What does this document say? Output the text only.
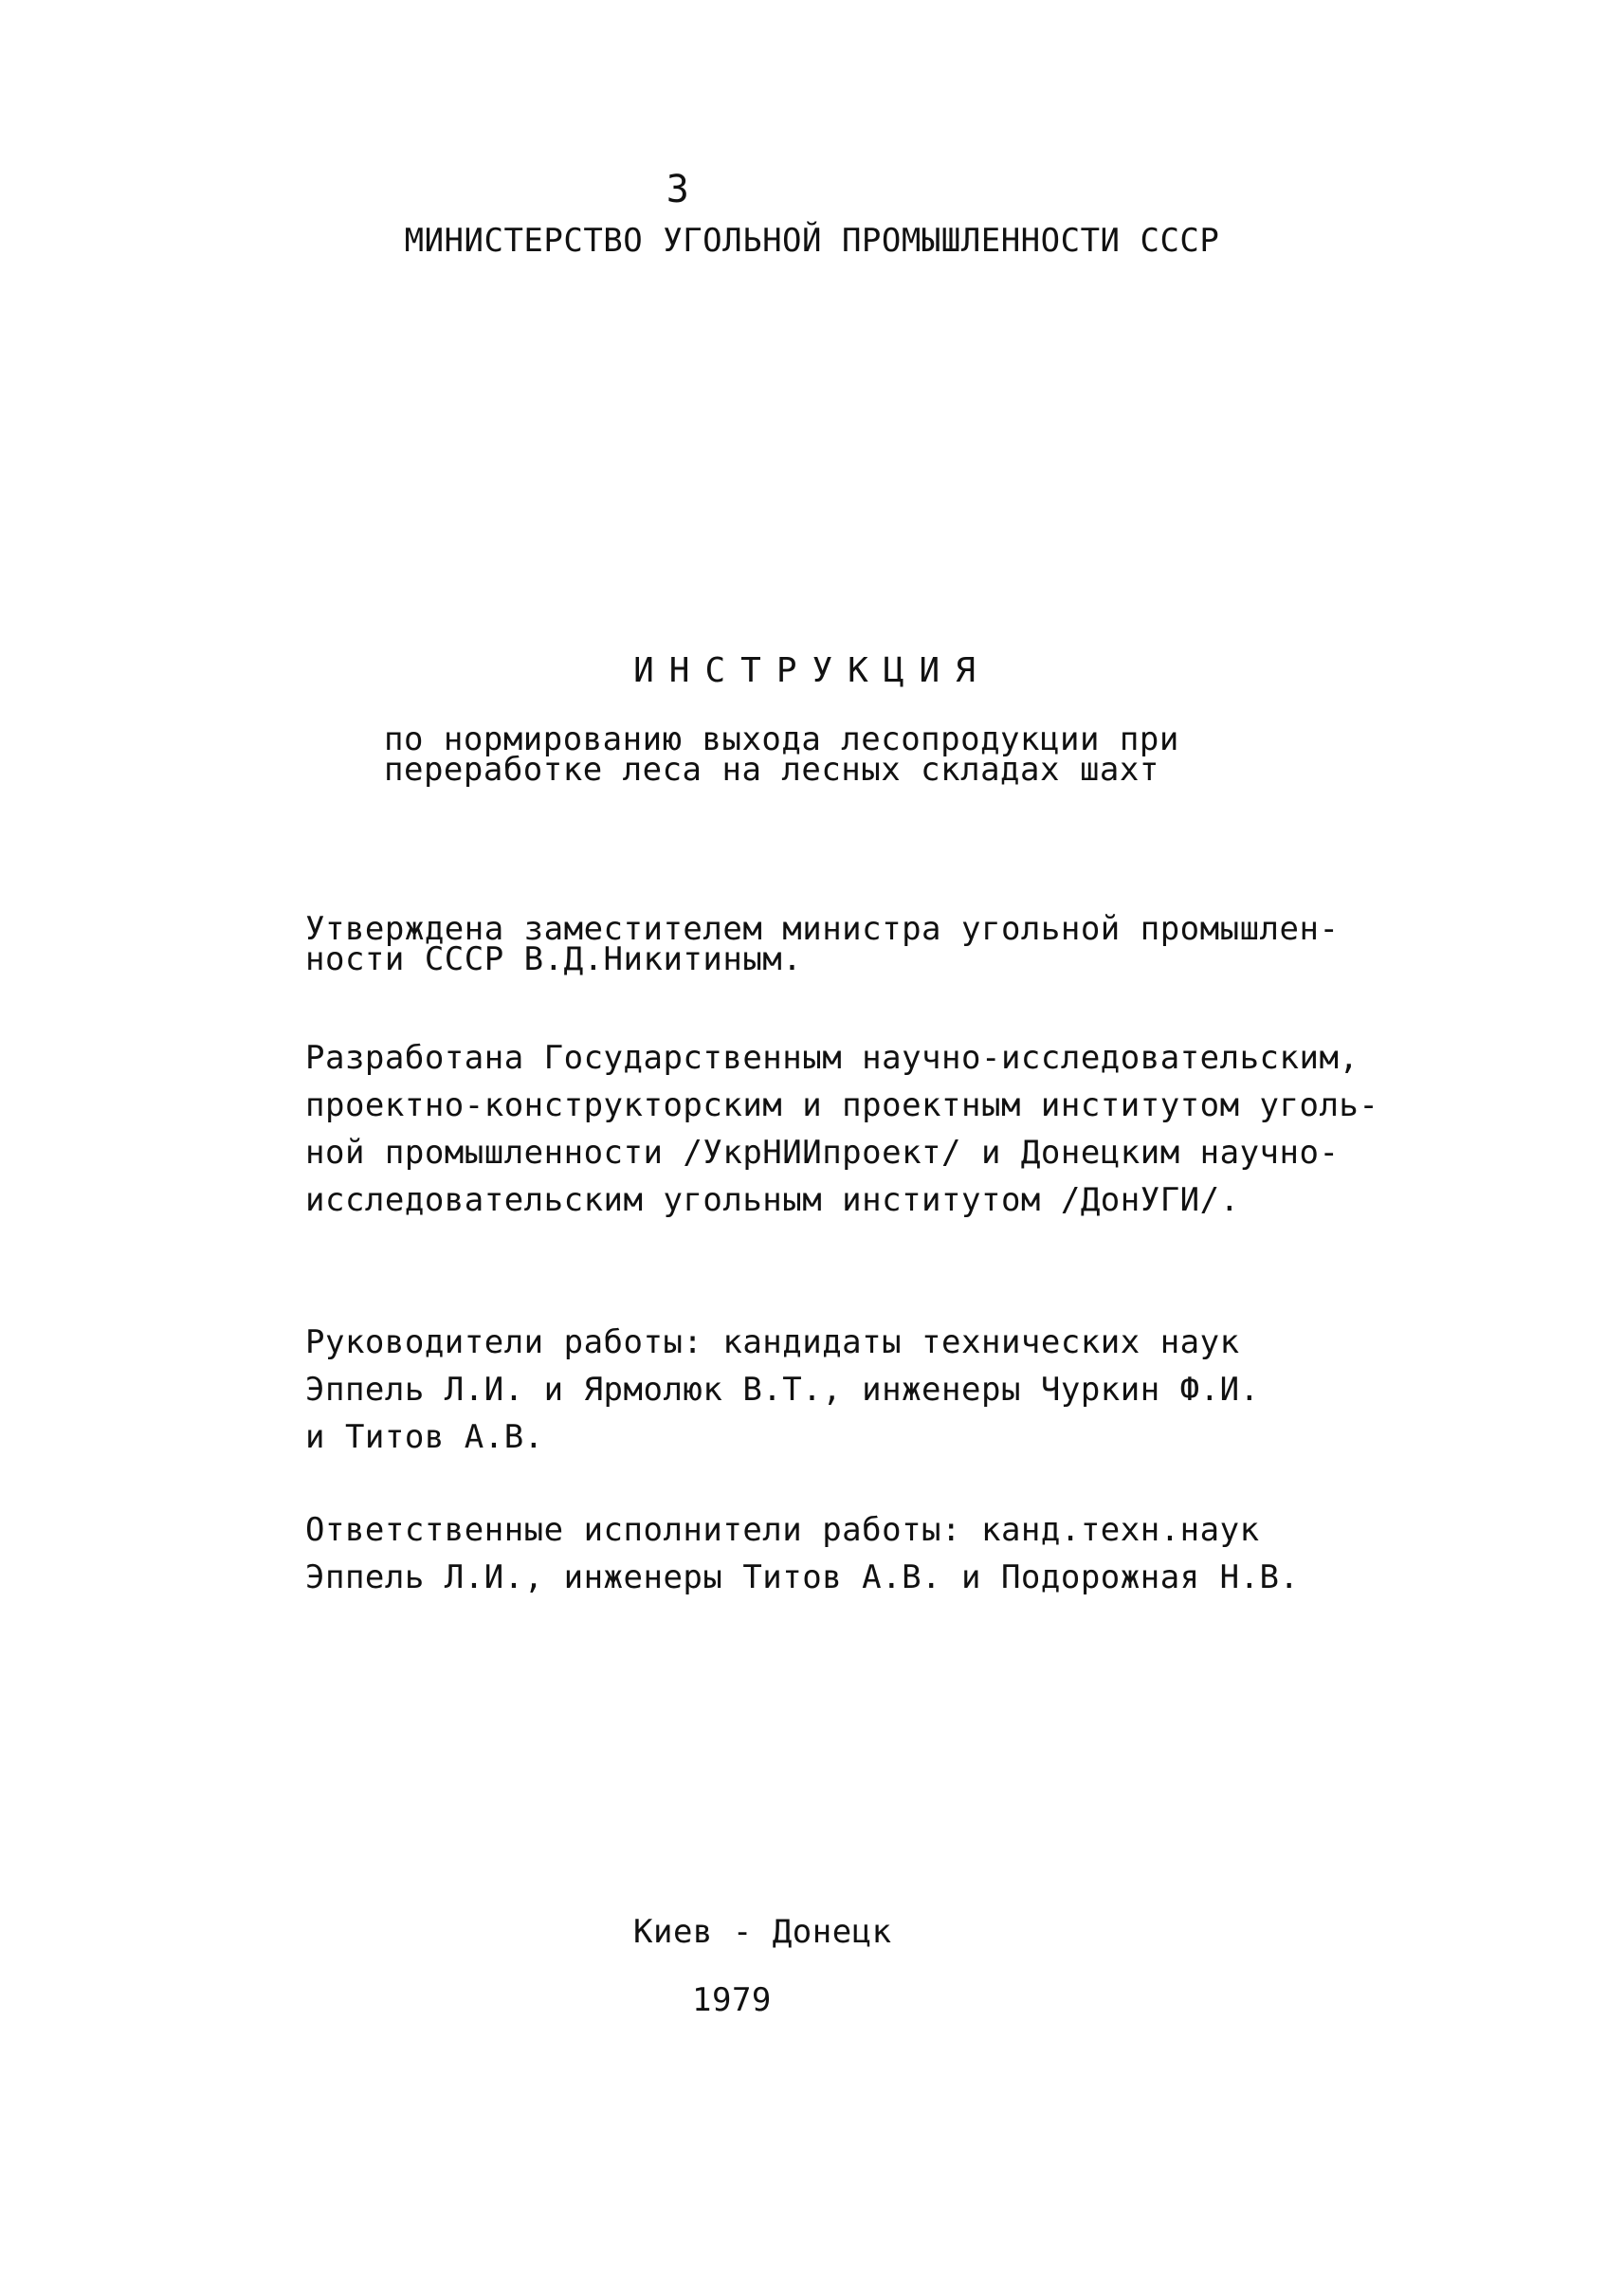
3
МИНИСТЕРСТВО УГОЛЬНОЙ ПРОМЫШЛЕННОСТИ СССР
ИНСТРУКЦИЯ
по нормированию выхода лесопродукции при
переработке леса на лесных складах шахт
Утверждена заместителем министра угольной промышлен-
ности СССР В.Д.Никитиным.
Разработана Государственным научно-исследовательским,
проектно-конструкторским и проектным институтом уголь-
ной промышленности /УкрНИИпроект/ и Донецким научно-
исследовательским угольным институтом /ДонУГИ/.
Руководители работы: кандидаты технических наук
Эппель Л.И. и Ярмолюк В.Т., инженеры Чуркин Ф.И.
и Титов А.В.
Ответственные исполнители работы: канд.техн.наук
Эппель Л.И., инженеры Титов А.В. и Подорожная Н.В.
Киев - Донецк
1979
